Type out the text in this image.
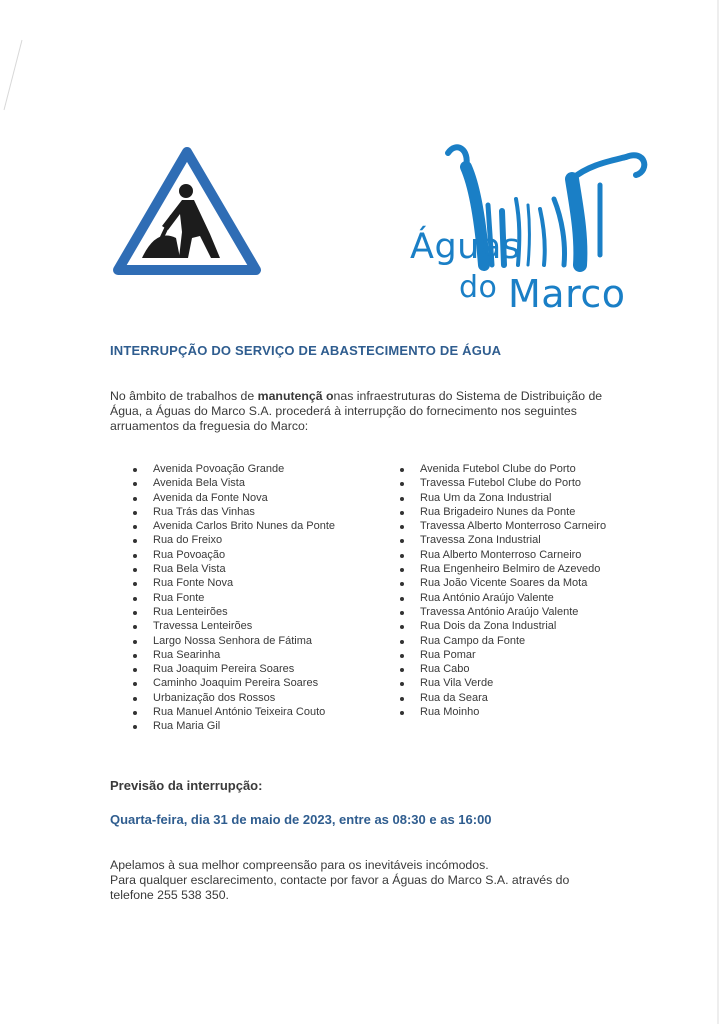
Águas
do Marco
INTERRUPÇÃO DO SERVIÇO DE ABASTECIMENTO DE ÁGUA
No âmbito de trabalhos de manutençã onas infraestruturas do Sistema de Distribuição de Água, a Águas do Marco S.A. procederá à interrupção do fornecimento nos seguintes arruamentos da freguesia do Marco:
Avenida Povoação Grande
Avenida Bela Vista
Avenida da Fonte Nova
Rua Trás das Vinhas
Avenida Carlos Brito Nunes da Ponte
Rua do Freixo
Rua Povoação
Rua Bela Vista
Rua Fonte Nova
Rua Fonte
Rua Lenteirões
Travessa Lenteirões
Largo Nossa Senhora de Fátima
Rua Searinha
Rua Joaquim Pereira Soares
Caminho Joaquim Pereira Soares
Urbanização dos Rossos
Rua Manuel António Teixeira Couto
Rua Maria Gil
Avenida Futebol Clube do Porto
Travessa Futebol Clube do Porto
Rua Um da Zona Industrial
Rua Brigadeiro Nunes da Ponte
Travessa Alberto Monterroso Carneiro
Travessa Zona Industrial
Rua Alberto Monterroso Carneiro
Rua Engenheiro Belmiro de Azevedo
Rua João Vicente Soares da Mota
Rua António Araújo Valente
Travessa António Araújo Valente
Rua Dois da Zona Industrial
Rua Campo da Fonte
Rua Pomar
Rua Cabo
Rua Vila Verde
Rua da Seara
Rua Moinho
Previsão da interrupção:
Quarta-feira, dia 31 de maio de 2023, entre as 08:30 e as 16:00
Apelamos à sua melhor compreensão para os inevitáveis incómodos.
Para qualquer esclarecimento, contacte por favor a Águas do Marco S.A. através do telefone 255 538 350.
